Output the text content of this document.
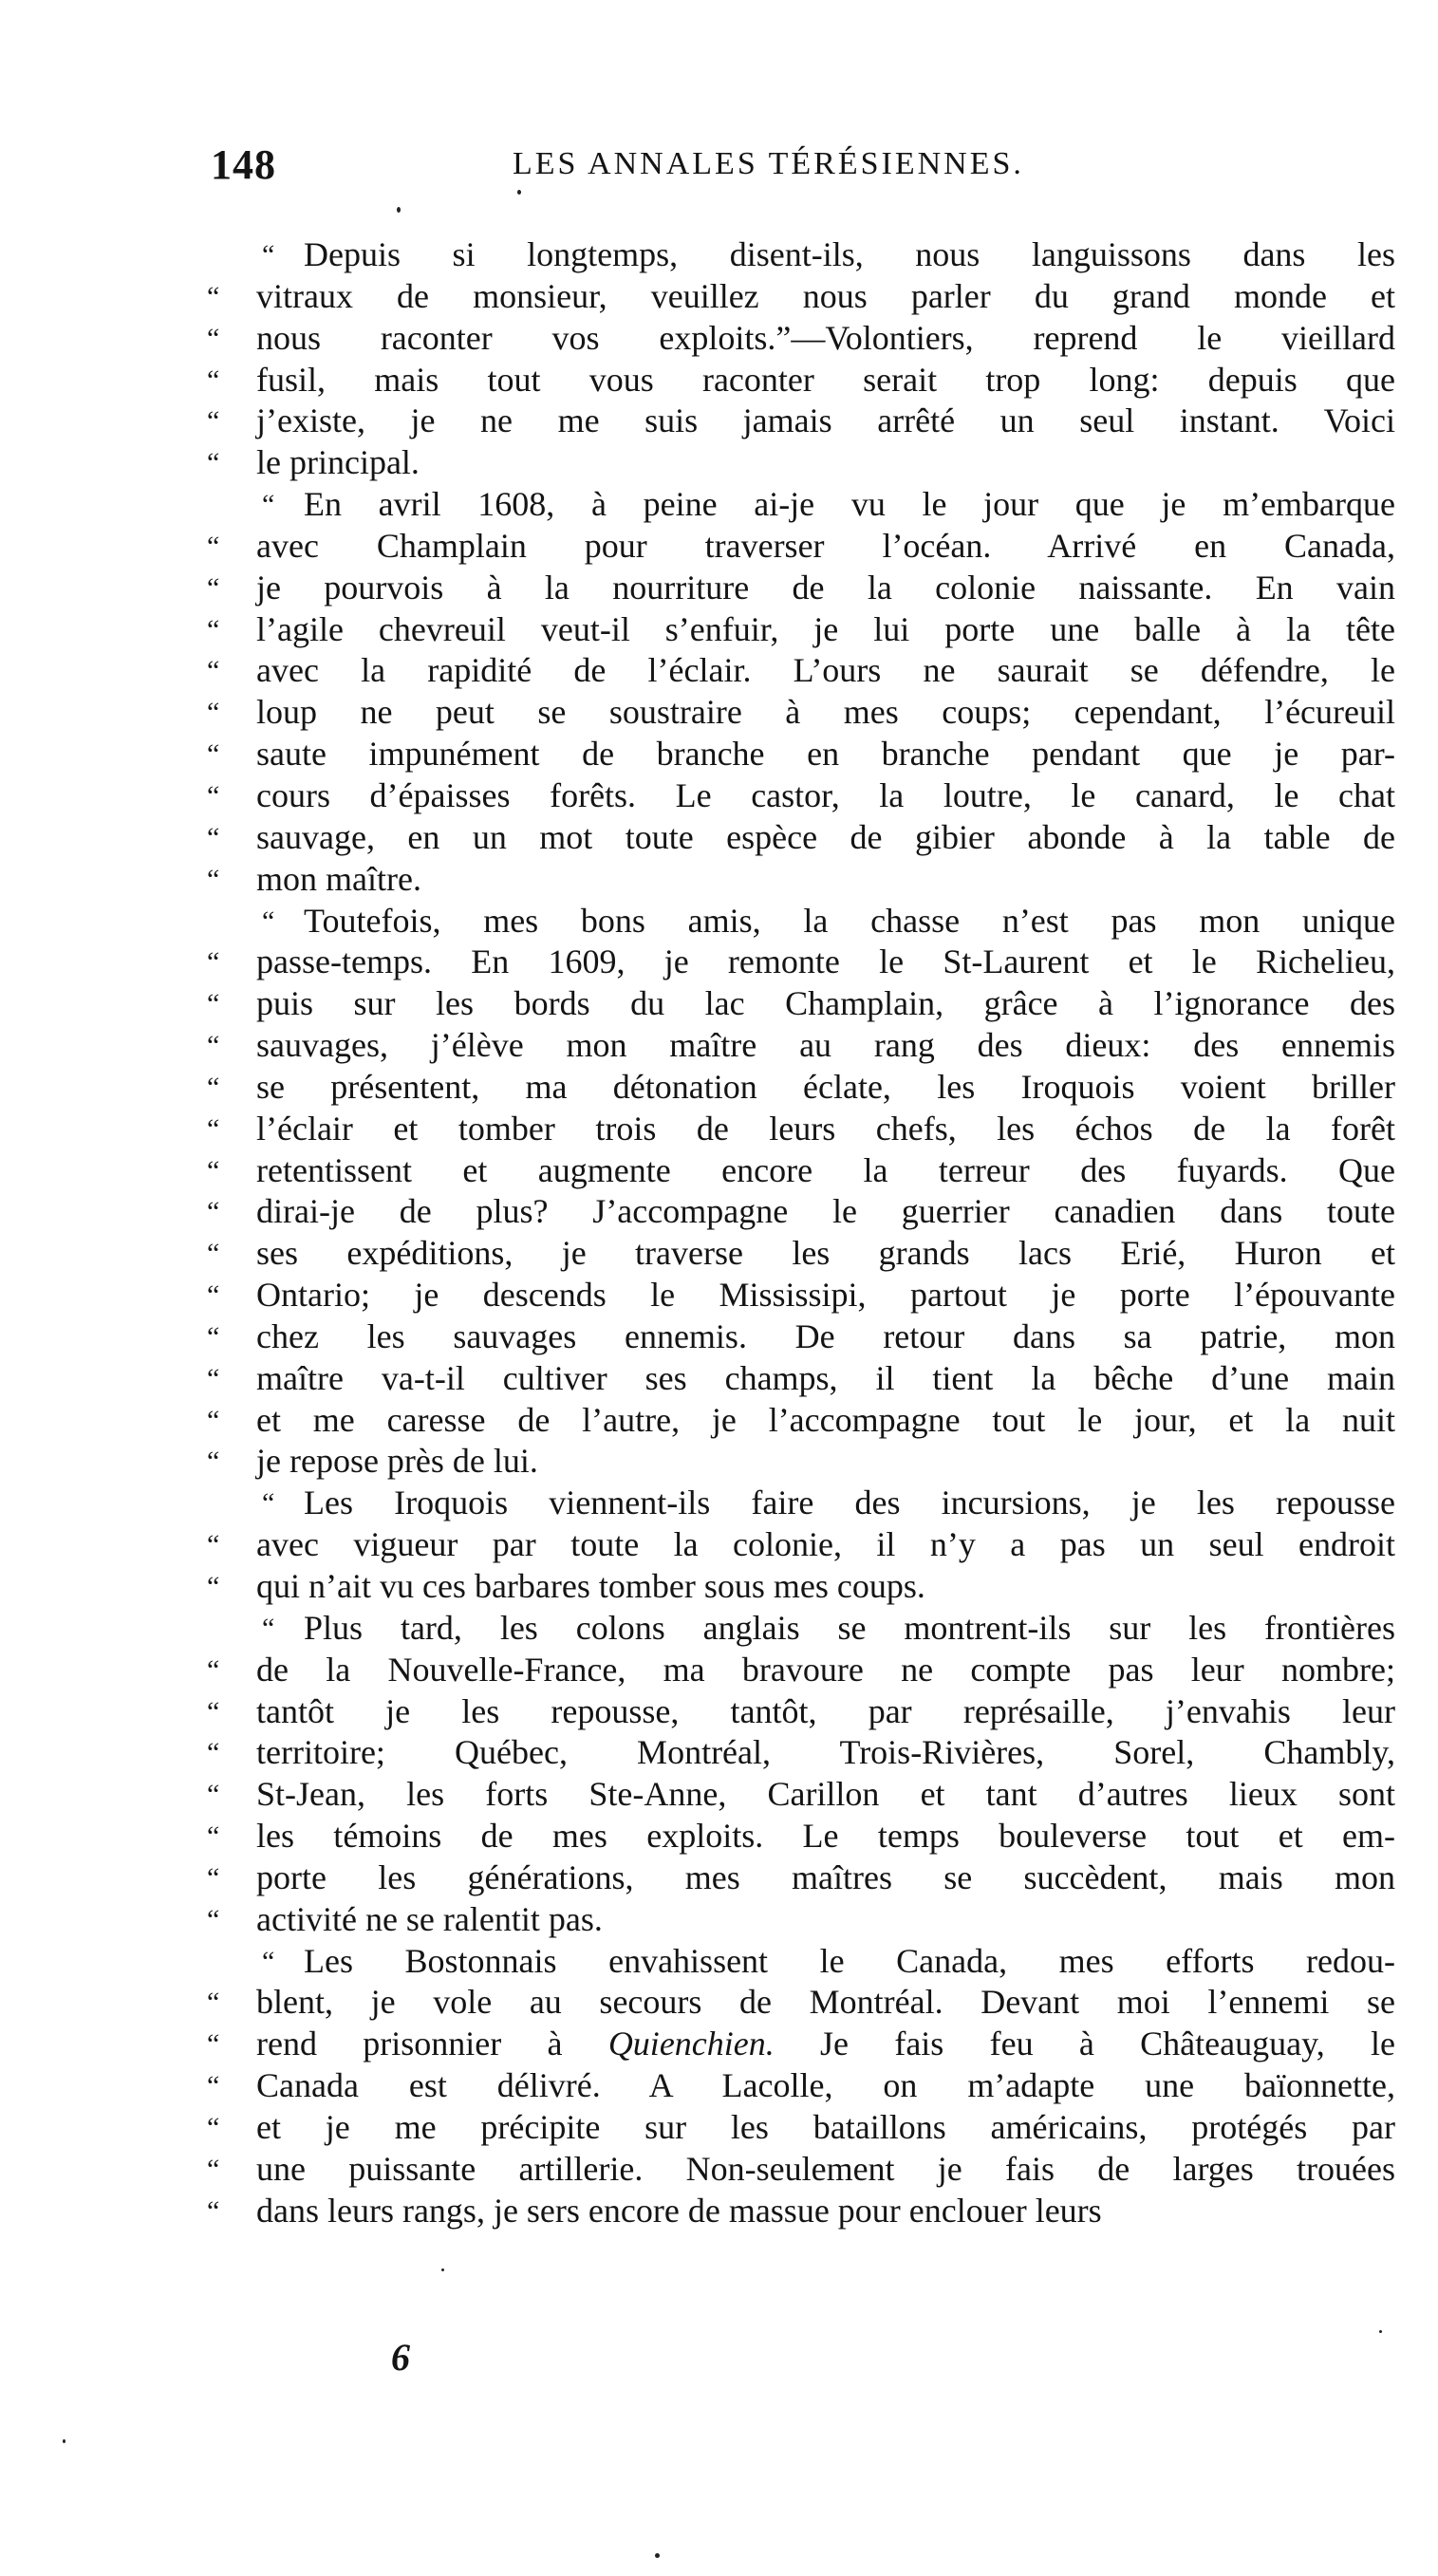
148	LES ANNALES TÉRÉSIENNES.
“ Depuis si longtemps, disent-ils, nous languissons dans les
“	vitraux de monsieur, veuillez nous parler du grand monde et
“	nous raconter vos exploits.”—Volontiers, reprend le vieillard
“	fusil, mais tout vous raconter serait trop long: depuis que
“	j’existe, je ne me suis jamais arrêté un seul instant. Voici
“	le principal.
“ En avril 1608, à peine ai-je vu le jour que je m’embarque
“	avec Champlain pour traverser l’océan. Arrivé en Canada,
“	je pourvois à la nourriture de la colonie naissante. En vain
“	l’agile chevreuil veut-il s’enfuir, je lui porte une balle à la tête
“	avec la rapidité de l’éclair. L’ours ne saurait se défendre, le
“	loup ne peut se soustraire à mes coups; cependant, l’écureuil
“	saute impunément de branche en branche pendant que je par-
“	cours d’épaisses forêts. Le castor, la loutre, le canard, le chat
“	sauvage, en un mot toute espèce de gibier abonde à la table de
“	mon maître.
“ Toutefois, mes bons amis, la chasse n’est pas mon unique
“	passe-temps. En 1609, je remonte le St-Laurent et le Richelieu,
“	puis sur les bords du lac Champlain, grâce à l’ignorance des
“	sauvages, j’élève mon maître au rang des dieux: des ennemis
“	se présentent, ma détonation éclate, les Iroquois voient briller
“	l’éclair et tomber trois de leurs chefs, les échos de la forêt
“	retentissent et augmente encore la terreur des fuyards. Que
“	dirai-je de plus? J’accompagne le guerrier canadien dans toute
“	ses expéditions, je traverse les grands lacs Erié, Huron et
“	Ontario; je descends le Mississipi, partout je porte l’épouvante
“	chez les sauvages ennemis. De retour dans sa patrie, mon
“	maître va-t-il cultiver ses champs, il tient la bêche d’une main
“	et me caresse de l’autre, je l’accompagne tout le jour, et la nuit
“	je repose près de lui.
“ Les Iroquois viennent-ils faire des incursions, je les repousse
“	avec vigueur par toute la colonie, il n’y a pas un seul endroit
“	qui n’ait vu ces barbares tomber sous mes coups.
“ Plus tard, les colons anglais se montrent-ils sur les frontières
“	de la Nouvelle-France, ma bravoure ne compte pas leur nombre;
“	tantôt je les repousse, tantôt, par représaille, j’envahis leur
“	territoire; Québec, Montréal, Trois-Rivières, Sorel, Chambly,
“	St-Jean, les forts Ste-Anne, Carillon et tant d’autres lieux sont
“	les témoins de mes exploits. Le temps bouleverse tout et em-
“	porte les générations, mes maîtres se succèdent, mais mon
“	activité ne se ralentit pas.
“ Les Bostonnais envahissent le Canada, mes efforts redou-
“	blent, je vole au secours de Montréal. Devant moi l’ennemi se
“	rend prisonnier à Quienchien. Je fais feu à Châteauguay, le
“	Canada est délivré. A Lacolle, on m’adapte une baïonnette,
“	et je me précipite sur les bataillons américains, protégés par
“	une puissante artillerie. Non-seulement je fais de larges trouées
“	dans leurs rangs, je sers encore de massue pour enclouer leurs
6
